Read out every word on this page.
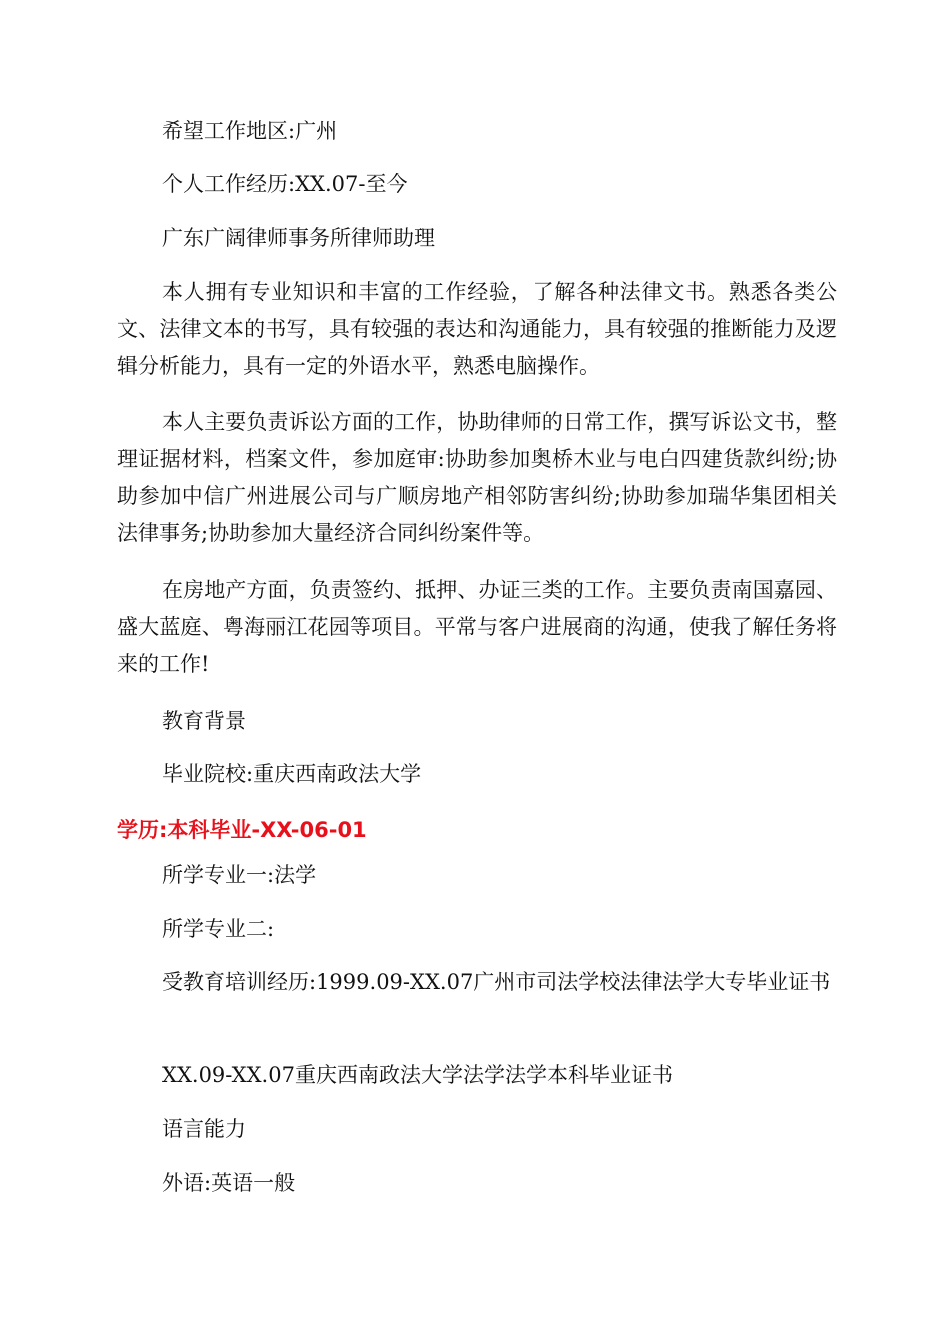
希望工作地区:广州
个人工作经历:XX.07-至今
广东广阔律师事务所律师助理
本人拥有专业知识和丰富的工作经验，了解各种法律文书。熟悉各类公文、法律文本的书写，具有较强的表达和沟通能力，具有较强的推断能力及逻辑分析能力，具有一定的外语水平，熟悉电脑操作。
本人主要负责诉讼方面的工作，协助律师的日常工作，撰写诉讼文书，整理证据材料，档案文件，参加庭审:协助参加奥桥木业与电白四建货款纠纷;协助参加中信广州进展公司与广顺房地产相邻防害纠纷;协助参加瑞华集团相关法律事务;协助参加大量经济合同纠纷案件等。
在房地产方面，负责签约、抵押、办证三类的工作。主要负责南国嘉园、盛大蓝庭、粤海丽江花园等项目。平常与客户进展商的沟通，使我了解任务将来的工作!
教育背景
毕业院校:重庆西南政法大学
学历:本科毕业-XX-06-01
所学专业一:法学
所学专业二:
受教育培训经历:1999.09-XX.07广州市司法学校法律法学大专毕业证书
XX.09-XX.07重庆西南政法大学法学法学本科毕业证书
语言能力
外语:英语一般
